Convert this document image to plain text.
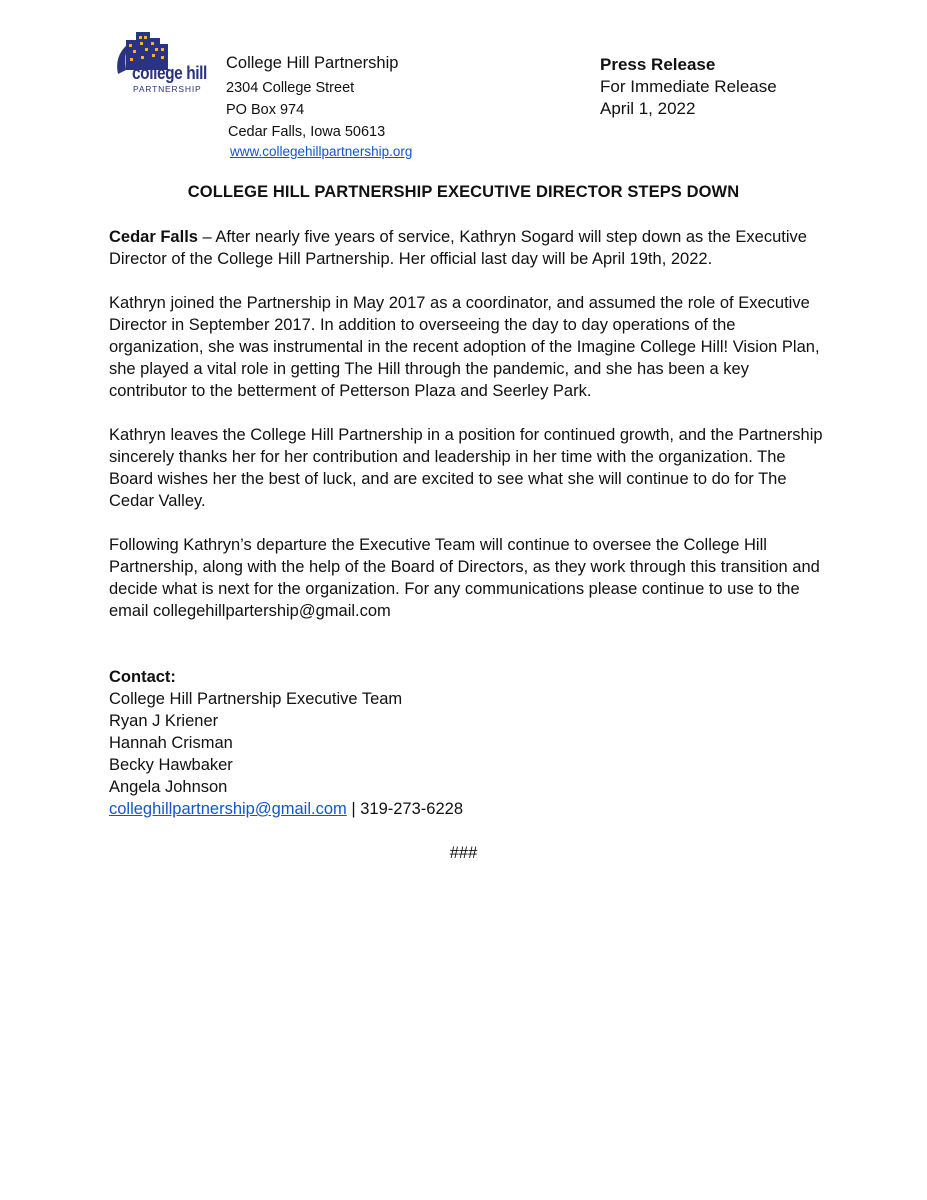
college hill
PARTNERSHIP
College Hill Partnership
2304 College Street
PO Box 974
Cedar Falls, Iowa 50613
www.collegehillpartnership.org
Press Release
For Immediate Release
April 1, 2022
COLLEGE HILL PARTNERSHIP EXECUTIVE DIRECTOR STEPS DOWN

Cedar Falls – After nearly five years of service, Kathryn Sogard will step down as the Executive Director of the College Hill Partnership. Her official last day will be April 19th, 2022.

Kathryn joined the Partnership in May 2017 as a coordinator, and assumed the role of Executive Director in September 2017. In addition to overseeing the day to day operations of the organization, she was instrumental in the recent adoption of the Imagine College Hill! Vision Plan, she played a vital role in getting The Hill through the pandemic, and she has been a key contributor to the betterment of Petterson Plaza and Seerley Park.

Kathryn leaves the College Hill Partnership in a position for continued growth, and the Partnership sincerely thanks her for her contribution and leadership in her time with the organization. The Board wishes her the best of luck, and are excited to see what she will continue to do for The Cedar Valley.

Following Kathryn’s departure the Executive Team will continue to oversee the College Hill Partnership, along with the help of the Board of Directors, as they work through this transition and decide what is next for the organization. For any communications please continue to use to the email collegehillpartership@gmail.com

Contact:
College Hill Partnership Executive Team
Ryan J Kriener
Hannah Crisman
Becky Hawbaker
Angela Johnson
colleghillpartnership@gmail.com | 319-273-6228
###
